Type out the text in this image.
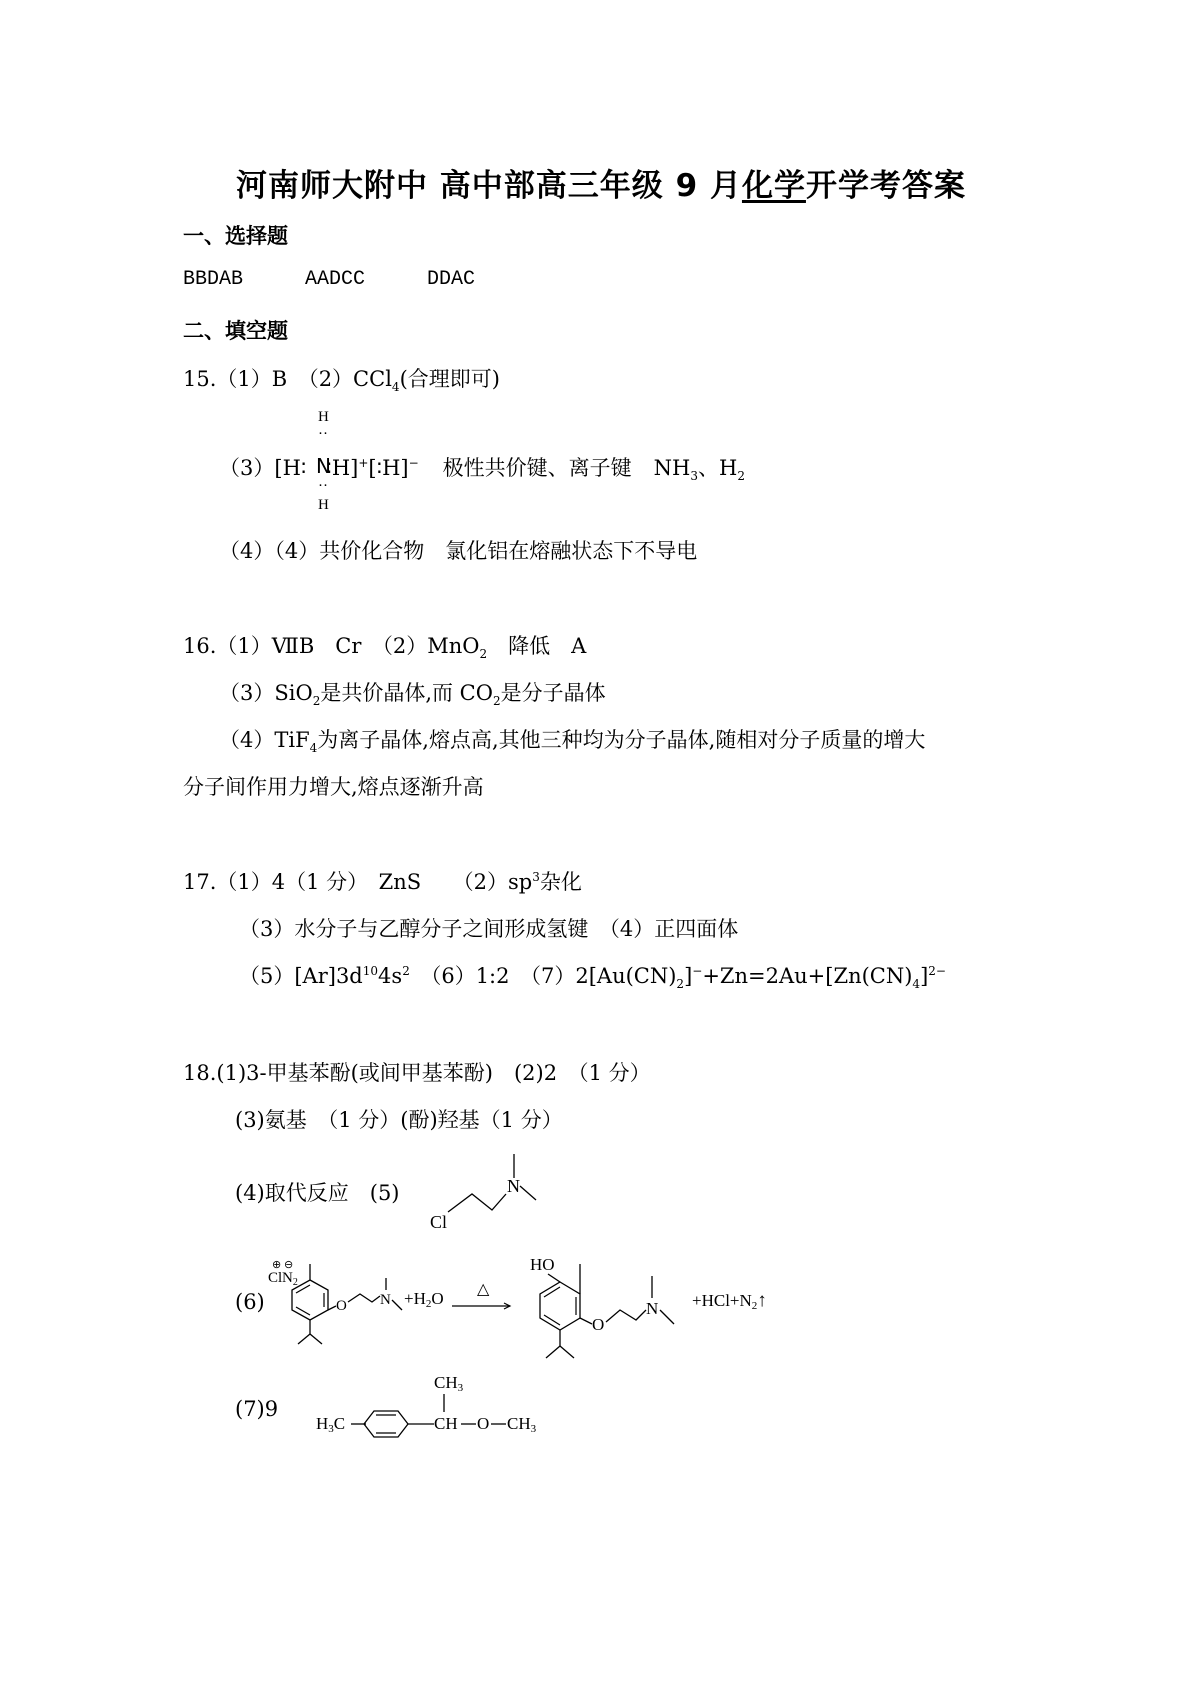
河南师大附中 高中部高三年级 9 月化学开学考答案
一、选择题
BBDAB	AADCC	DDAC
二、填空题
15.（1）B　（2）CCl$_4$(合理即可)
（3）[H∶ ∶H]+[∶H]− 极性共价键、离子键 $NH_3$、$H_2$
H
··
N
··
H
（4）（4）共价化合物　氯化铝在熔融状态下不导电
16.（1）ⅦB　Cr　（2）MnO$_2$　降低　A
（3）SiO$_2$是共价晶体,而 $CO_2$是分子晶体
（4）TiF$_4$为离子晶体,熔点高,其他三种均为分子晶体,随相对分子质量的增大
分子间作用力增大,熔点逐渐升高
17.（1）4（1 分）　ZnS　　$(2)sp^3$杂化
（3）水分子与乙醇分子之间形成氢键　（4）正四面体
$(5)[Ar]3d^{10}4s^2$　（6）1:2　$(7)2[Au(CN)_2]^-+Zn=2Au+[Zn(CN)_4]^{2-}$
18.(1)3-甲基苯酚(或间甲基苯酚)　(2)2　（1 分）
(3)氨基　（1 分）(酚)羟基（1 分）
(4)取代反应　(5)	N
Cl
(6)
⊕ ⊖
Cl $N_2$
O N +H2O △
HO
O
N +HCl+N2↑
(7)9
H3C
CH3
CH O CH3
